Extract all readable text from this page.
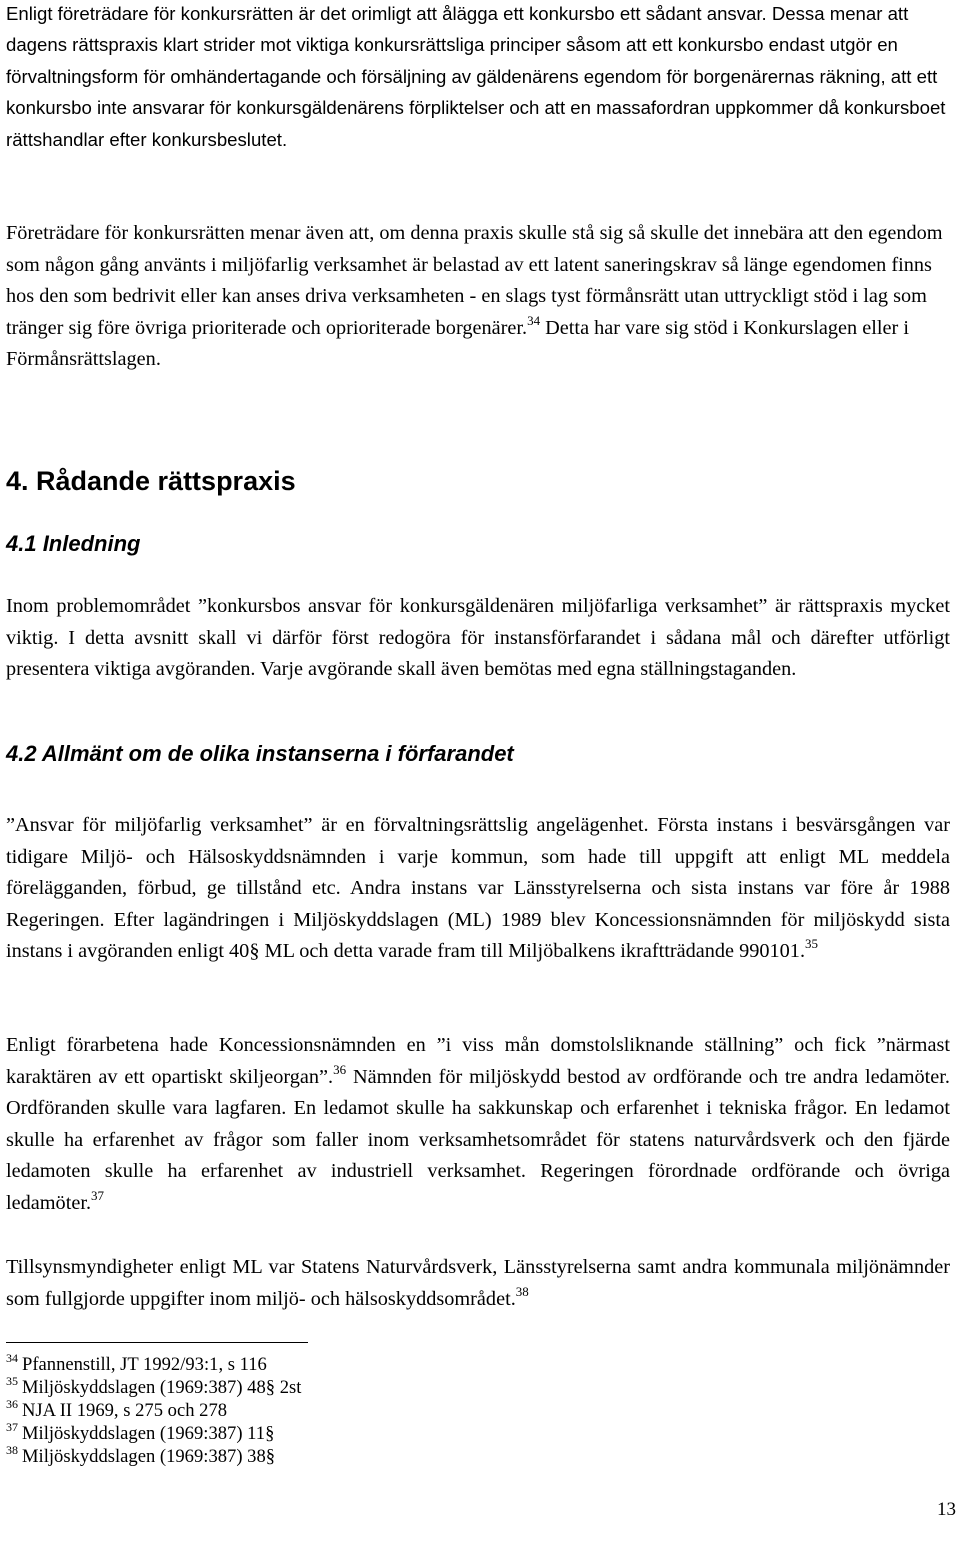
Enligt företrädare för konkursrätten är det orimligt att ålägga ett konkursbo ett sådant ansvar. Dessa menar att dagens rättspraxis klart strider mot viktiga konkursrättsliga principer såsom att ett konkursbo endast utgör en förvaltningsform för omhändertagande och försäljning av gäldenärens egendom för borgenärernas räkning, att ett konkursbo inte ansvarar för konkursgäldenärens förpliktelser och att en massafordran uppkommer då konkursboet rättshandlar efter konkursbeslutet.

Företrädare för konkursrätten menar även att, om denna praxis skulle stå sig så skulle det innebära att den egendom som någon gång använts i miljöfarlig verksamhet är belastad av ett latent saneringskrav så länge egendomen finns hos den som bedrivit eller kan anses driva verksamheten - en slags tyst förmånsrätt utan uttryckligt stöd i lag som tränger sig före övriga prioriterade och oprioriterade borgenärer.$^{34}$ Detta har vare sig stöd i Konkurslagen eller i Förmånsrättslagen.

4. Rådande rättspraxis
4.1 Inledning

Inom problemområdet ”konkursbos ansvar för konkursgäldenären miljöfarliga verksamhet” är rättspraxis mycket viktig. I detta avsnitt skall vi därför först redogöra för instansförfarandet i sådana mål och därefter utförligt presentera viktiga avgöranden. Varje avgörande skall även bemötas med egna ställningstaganden.

4.2 Allmänt om de olika instanserna i förfarandet

”Ansvar för miljöfarlig verksamhet” är en förvaltningsrättslig angelägenhet. Första instans i besvärsgången var tidigare Miljö- och Hälsoskyddsnämnden i varje kommun, som hade till uppgift att enligt ML meddela förelägganden, förbud, ge tillstånd etc. Andra instans var Länsstyrelserna och sista instans var före år 1988 Regeringen. Efter lagändringen i Miljöskyddslagen (ML) 1989 blev Koncessionsnämnden för miljöskydd sista instans i avgöranden enligt 40§ ML och detta varade fram till Miljöbalkens ikraftträdande 990101.35

Enligt förarbetena hade Koncessionsnämnden en ”i viss mån domstolsliknande ställning” och fick ”närmast karaktären av ett opartiskt skiljeorgan”.$^{36}$ Nämnden för miljöskydd bestod av ordförande och tre andra ledamöter. Ordföranden skulle vara lagfaren. En ledamot skulle ha sakkunskap och erfarenhet i tekniska frågor. En ledamot skulle ha erfarenhet av frågor som faller inom verksamhetsområdet för statens naturvårdsverk och den fjärde ledamoten skulle ha erfarenhet av industriell verksamhet. Regeringen förordnade ordförande och övriga ledamöter.$^{37}$

Tillsynsmyndigheter enligt ML var Statens Naturvårdsverk, Länsstyrelserna samt andra kommunala miljönämnder som fullgjorde uppgifter inom miljö- och hälsoskyddsområdet.$^{38}$

$^{34}$ Pfannenstill, JT 1992/93:1, s 116
$^{35}$ Miljöskyddslagen (1969:387) 48§ 2st
$^{36}$ NJA II 1969, s 275 och 278
$^{37}$ Miljöskyddslagen (1969:387) 11§
$^{38}$ Miljöskyddslagen (1969:387) 38§
13
